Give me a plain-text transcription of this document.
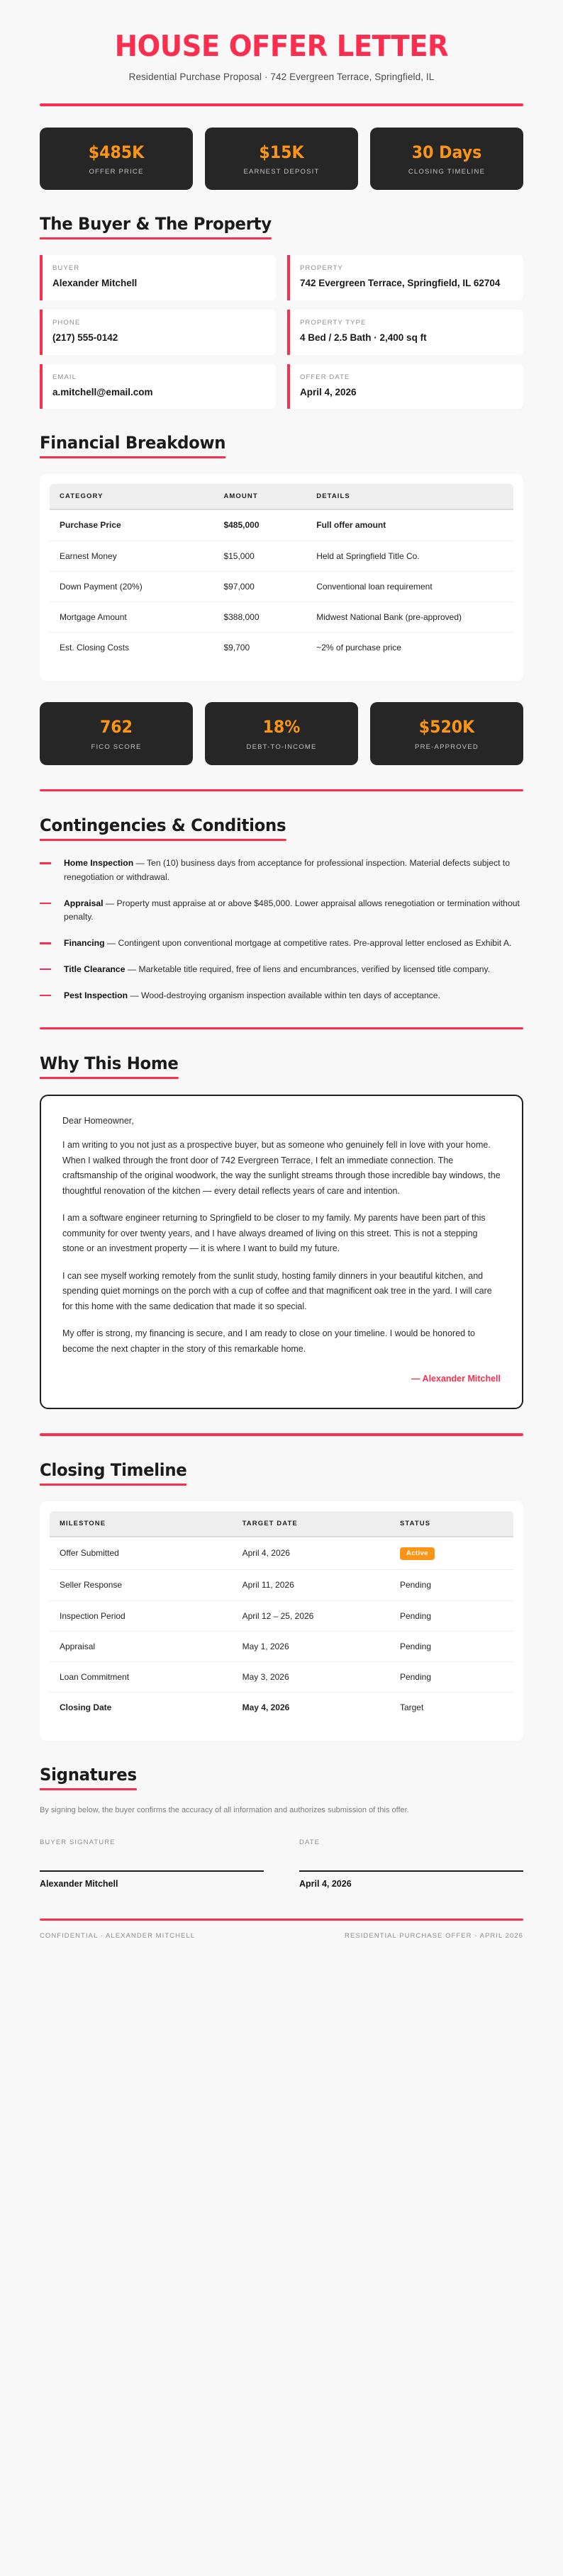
HOUSE OFFER LETTER
Residential Purchase Proposal · 742 Evergreen Terrace, Springfield, IL
$485K
OFFER PRICE
$15K
EARNEST DEPOSIT
30 Days
CLOSING TIMELINE
The Buyer & The Property
BUYER
Alexander Mitchell
PROPERTY
742 Evergreen Terrace, Springfield, IL 62704
PHONE
(217) 555-0142
PROPERTY TYPE
4 Bed / 2.5 Bath · 2,400 sq ft
EMAIL
a.mitchell@email.com
OFFER DATE
April 4, 2026
Financial Breakdown
CATEGORY	AMOUNT	DETAILS
Purchase Price	$485,000	Full offer amount
Earnest Money	$15,000	Held at Springfield Title Co.
Down Payment (20%)	$97,000	Conventional loan requirement
Mortgage Amount	$388,000	Midwest National Bank (pre-approved)
Est. Closing Costs	$9,700	~2% of purchase price
762
FICO SCORE
18%
DEBT-TO-INCOME
$520K
PRE-APPROVED
Contingencies & Conditions
Home Inspection — Ten (10) business days from acceptance for professional inspection. Material defects subject to renegotiation or withdrawal.
Appraisal — Property must appraise at or above $485,000. Lower appraisal allows renegotiation or termination without penalty.
Financing — Contingent upon conventional mortgage at competitive rates. Pre-approval letter enclosed as Exhibit A.
Title Clearance — Marketable title required, free of liens and encumbrances, verified by licensed title company.
Pest Inspection — Wood-destroying organism inspection available within ten days of acceptance.
Why This Home
Dear Homeowner,

I am writing to you not just as a prospective buyer, but as someone who genuinely fell in love with your home. When I walked through the front door of 742 Evergreen Terrace, I felt an immediate connection. The craftsmanship of the original woodwork, the way the sunlight streams through those incredible bay windows, the thoughtful renovation of the kitchen — every detail reflects years of care and intention.

I am a software engineer returning to Springfield to be closer to my family. My parents have been part of this community for over twenty years, and I have always dreamed of living on this street. This is not a stepping stone or an investment property — it is where I want to build my future.

I can see myself working remotely from the sunlit study, hosting family dinners in your beautiful kitchen, and spending quiet mornings on the porch with a cup of coffee and that magnificent oak tree in the yard. I will care for this home with the same dedication that made it so special.

My offer is strong, my financing is secure, and I am ready to close on your timeline. I would be honored to become the next chapter in the story of this remarkable home.

— Alexander Mitchell
Closing Timeline
MILESTONE	TARGET DATE	STATUS
Offer Submitted	April 4, 2026	Active
Seller Response	April 11, 2026	Pending
Inspection Period	April 12 – 25, 2026	Pending
Appraisal	May 1, 2026	Pending
Loan Commitment	May 3, 2026	Pending
Closing Date	May 4, 2026	Target
Signatures
By signing below, the buyer confirms the accuracy of all information and authorizes submission of this offer.
BUYER SIGNATURE
Alexander Mitchell
DATE
April 4, 2026
CONFIDENTIAL · ALEXANDER MITCHELL	RESIDENTIAL PURCHASE OFFER · APRIL 2026
